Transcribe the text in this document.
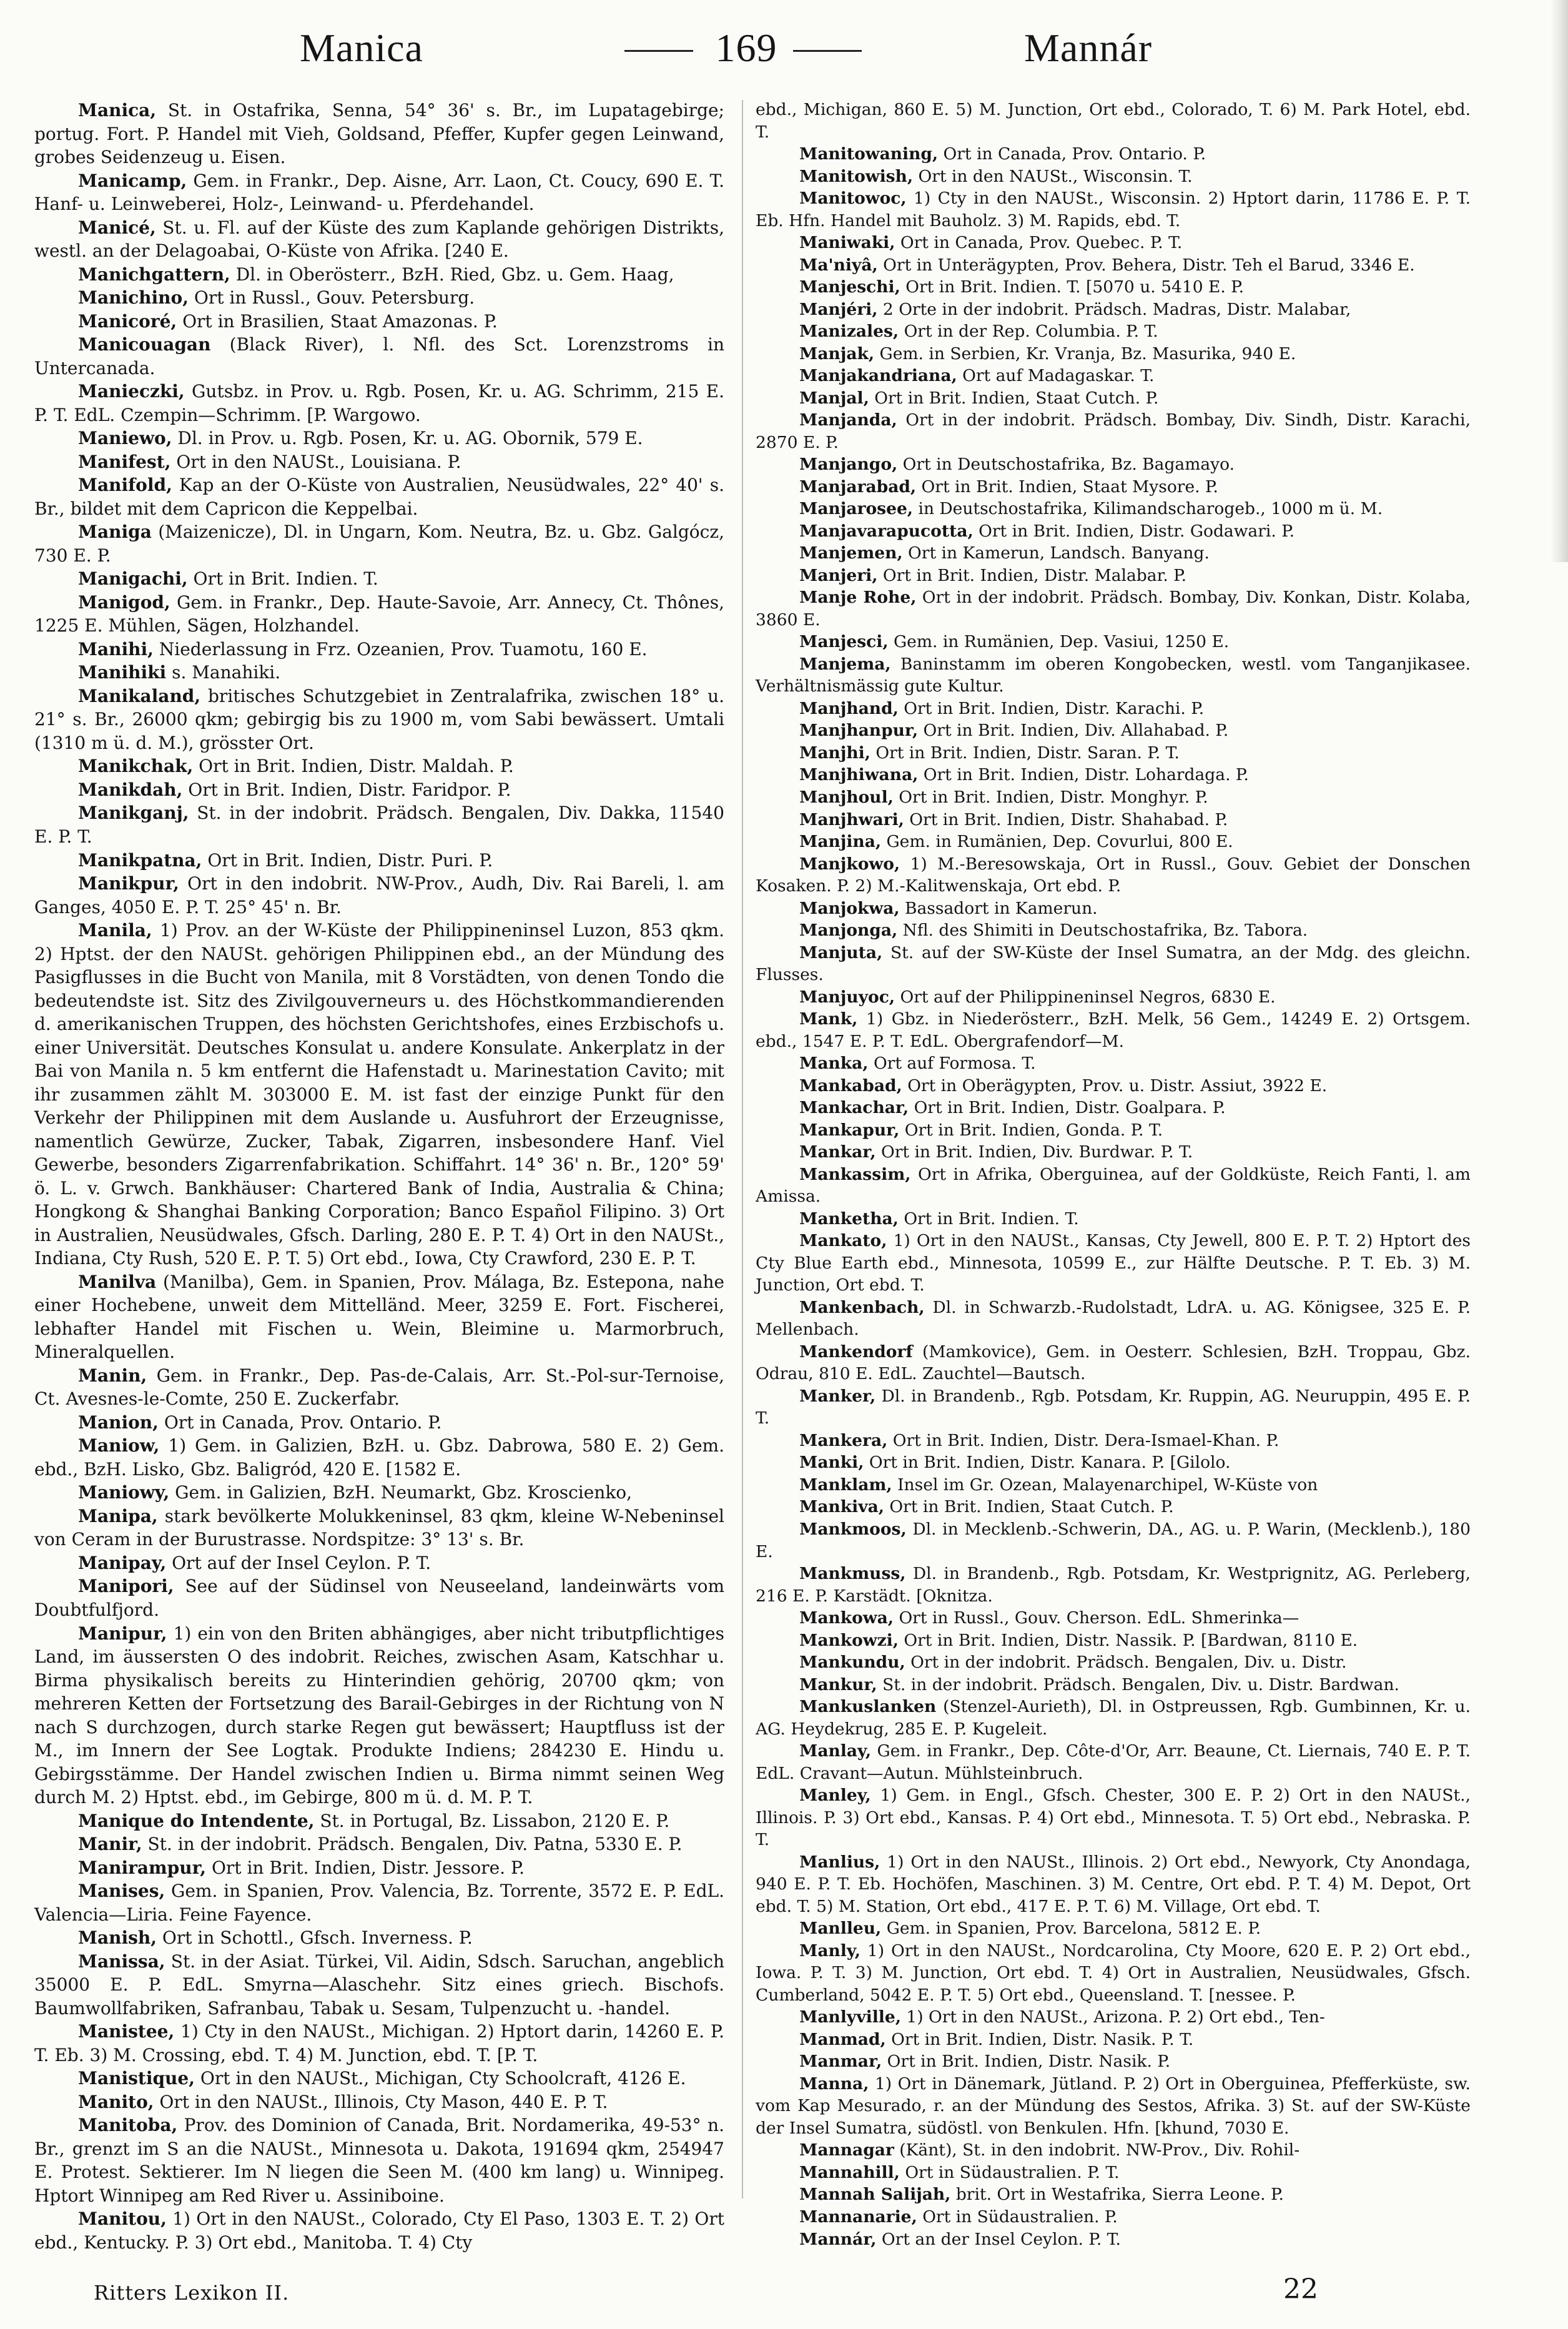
Manica	169	Mannár

Manica, St. in Ostafrika, Senna, 54° 36' s. Br., im Lupatagebirge; portug. Fort. P. Handel mit Vieh, Goldsand, Pfeffer, Kupfer gegen Leinwand, grobes Seidenzeug u. Eisen.

Manicamp, Gem. in Frankr., Dep. Aisne, Arr. Laon, Ct. Coucy, 690 E. T. Hanf- u. Leinweberei, Holz-, Leinwand- u. Pferdehandel.

Manicé, St. u. Fl. auf der Küste des zum Kaplande gehörigen Distrikts, westl. an der Delagoabai, O-Küste von Afrika. [240 E.

Manichgattern, Dl. in Oberösterr., BzH. Ried, Gbz. u. Gem. Haag,

Manichino, Ort in Russl., Gouv. Petersburg.

Manicoré, Ort in Brasilien, Staat Amazonas. P.

Manicouagan (Black River), l. Nfl. des Sct. Lorenzstroms in Untercanada.

Manieczki, Gutsbz. in Prov. u. Rgb. Posen, Kr. u. AG. Schrimm, 215 E. P. T. EdL. Czempin—Schrimm. [P. Wargowo.

Maniewo, Dl. in Prov. u. Rgb. Posen, Kr. u. AG. Obornik, 579 E.

Manifest, Ort in den NAUSt., Louisiana. P.

Manifold, Kap an der O-Küste von Australien, Neusüdwales, 22° 40' s. Br., bildet mit dem Capricon die Keppelbai.

Maniga (Maizenicze), Dl. in Ungarn, Kom. Neutra, Bz. u. Gbz. Galgócz, 730 E. P.

Manigachi, Ort in Brit. Indien. T.

Manigod, Gem. in Frankr., Dep. Haute-Savoie, Arr. Annecy, Ct. Thônes, 1225 E. Mühlen, Sägen, Holzhandel.

Manihi, Niederlassung in Frz. Ozeanien, Prov. Tuamotu, 160 E.

Manihiki s. Manahiki.

Manikaland, britisches Schutzgebiet in Zentralafrika, zwischen 18° u. 21° s. Br., 26000 qkm; gebirgig bis zu 1900 m, vom Sabi bewässert. Umtali (1310 m ü. d. M.), grösster Ort.

Manikchak, Ort in Brit. Indien, Distr. Maldah. P.

Manikdah, Ort in Brit. Indien, Distr. Faridpor. P.

Manikganj, St. in der indobrit. Prädsch. Bengalen, Div. Dakka, 11540 E. P. T.

Manikpatna, Ort in Brit. Indien, Distr. Puri. P.

Manikpur, Ort in den indobrit. NW-Prov., Audh, Div. Rai Bareli, l. am Ganges, 4050 E. P. T. 25° 45' n. Br.

Manila, 1) Prov. an der W-Küste der Philippineninsel Luzon, 853 qkm. 2) Hptst. der den NAUSt. gehörigen Philippinen ebd., an der Mündung des Pasigflusses in die Bucht von Manila, mit 8 Vorstädten, von denen Tondo die bedeutendste ist. Sitz des Zivilgouverneurs u. des Höchstkommandierenden d. amerikanischen Truppen, des höchsten Gerichtshofes, eines Erzbischofs u. einer Universität. Deutsches Konsulat u. andere Konsulate. Ankerplatz in der Bai von Manila n. 5 km entfernt die Hafenstadt u. Marinestation Cavito; mit ihr zusammen zählt M. 303000 E. M. ist fast der einzige Punkt für den Verkehr der Philippinen mit dem Auslande u. Ausfuhrort der Erzeugnisse, namentlich Gewürze, Zucker, Tabak, Zigarren, insbesondere Hanf. Viel Gewerbe, besonders Zigarrenfabrikation. Schiffahrt. 14° 36' n. Br., 120° 59' ö. L. v. Grwch. Bankhäuser: Chartered Bank of India, Australia & China; Hongkong & Shanghai Banking Corporation; Banco Español Filipino. 3) Ort in Australien, Neusüdwales, Gfsch. Darling, 280 E. P. T. 4) Ort in den NAUSt., Indiana, Cty Rush, 520 E. P. T. 5) Ort ebd., Iowa, Cty Crawford, 230 E. P. T.

Manilva (Manilba), Gem. in Spanien, Prov. Málaga, Bz. Estepona, nahe einer Hochebene, unweit dem Mittelländ. Meer, 3259 E. Fort. Fischerei, lebhafter Handel mit Fischen u. Wein, Bleimine u. Marmorbruch, Mineralquellen.

Manin, Gem. in Frankr., Dep. Pas-de-Calais, Arr. St.-Pol-sur-Ternoise, Ct. Avesnes-le-Comte, 250 E. Zuckerfabr.

Manion, Ort in Canada, Prov. Ontario. P.

Maniow, 1) Gem. in Galizien, BzH. u. Gbz. Dabrowa, 580 E. 2) Gem. ebd., BzH. Lisko, Gbz. Baligród, 420 E. [1582 E.

Maniowy, Gem. in Galizien, BzH. Neumarkt, Gbz. Kroscienko,

Manipa, stark bevölkerte Molukkeninsel, 83 qkm, kleine W-Nebeninsel von Ceram in der Burustrasse. Nordspitze: 3° 13' s. Br.

Manipay, Ort auf der Insel Ceylon. P. T.

Manipori, See auf der Südinsel von Neuseeland, landeinwärts vom Doubtfulfjord.

Manipur, 1) ein von den Briten abhängiges, aber nicht tributpflichtiges Land, im äussersten O des indobrit. Reiches, zwischen Asam, Katschhar u. Birma physikalisch bereits zu Hinterindien gehörig, 20700 qkm; von mehreren Ketten der Fortsetzung des Barail-Gebirges in der Richtung von N nach S durchzogen, durch starke Regen gut bewässert; Hauptfluss ist der M., im Innern der See Logtak. Produkte Indiens; 284230 E. Hindu u. Gebirgsstämme. Der Handel zwischen Indien u. Birma nimmt seinen Weg durch M. 2) Hptst. ebd., im Gebirge, 800 m ü. d. M. P. T.

Manique do Intendente, St. in Portugal, Bz. Lissabon, 2120 E. P.

Manir, St. in der indobrit. Prädsch. Bengalen, Div. Patna, 5330 E. P.

Manirampur, Ort in Brit. Indien, Distr. Jessore. P.

Manises, Gem. in Spanien, Prov. Valencia, Bz. Torrente, 3572 E. P. EdL. Valencia—Liria. Feine Fayence.

Manish, Ort in Schottl., Gfsch. Inverness. P.

Manissa, St. in der Asiat. Türkei, Vil. Aidin, Sdsch. Saruchan, angeblich 35000 E. P. EdL. Smyrna—Alaschehr. Sitz eines griech. Bischofs. Baumwollfabriken, Safranbau, Tabak u. Sesam, Tulpenzucht u. -handel.

Manistee, 1) Cty in den NAUSt., Michigan. 2) Hptort darin, 14260 E. P. T. Eb. 3) M. Crossing, ebd. T. 4) M. Junction, ebd. T. [P. T.

Manistique, Ort in den NAUSt., Michigan, Cty Schoolcraft, 4126 E.

Manito, Ort in den NAUSt., Illinois, Cty Mason, 440 E. P. T.

Manitoba, Prov. des Dominion of Canada, Brit. Nordamerika, 49-53° n. Br., grenzt im S an die NAUSt., Minnesota u. Dakota, 191694 qkm, 254947 E. Protest. Sektierer. Im N liegen die Seen M. (400 km lang) u. Winnipeg. Hptort Winnipeg am Red River u. Assiniboine.

Manitou, 1) Ort in den NAUSt., Colorado, Cty El Paso, 1303 E. T. 2) Ort ebd., Kentucky. P. 3) Ort ebd., Manitoba. T. 4) Cty

ebd., Michigan, 860 E. 5) M. Junction, Ort ebd., Colorado, T. 6) M. Park Hotel, ebd. T.

Manitowaning, Ort in Canada, Prov. Ontario. P.

Manitowish, Ort in den NAUSt., Wisconsin. T.

Manitowoc, 1) Cty in den NAUSt., Wisconsin. 2) Hptort darin, 11786 E. P. T. Eb. Hfn. Handel mit Bauholz. 3) M. Rapids, ebd. T.

Maniwaki, Ort in Canada, Prov. Quebec. P. T.

Ma'niyâ, Ort in Unterägypten, Prov. Behera, Distr. Teh el Barud, 3346 E.

Manjeschi, Ort in Brit. Indien. T. [5070 u. 5410 E. P.

Manjéri, 2 Orte in der indobrit. Prädsch. Madras, Distr. Malabar,

Manizales, Ort in der Rep. Columbia. P. T.

Manjak, Gem. in Serbien, Kr. Vranja, Bz. Masurika, 940 E.

Manjakandriana, Ort auf Madagaskar. T.

Manjal, Ort in Brit. Indien, Staat Cutch. P.

Manjanda, Ort in der indobrit. Prädsch. Bombay, Div. Sindh, Distr. Karachi, 2870 E. P.

Manjango, Ort in Deutschostafrika, Bz. Bagamayo.

Manjarabad, Ort in Brit. Indien, Staat Mysore. P.

Manjarosee, in Deutschostafrika, Kilimandscharogeb., 1000 m ü. M.

Manjavarapucotta, Ort in Brit. Indien, Distr. Godawari. P.

Manjemen, Ort in Kamerun, Landsch. Banyang.

Manjeri, Ort in Brit. Indien, Distr. Malabar. P.

Manje Rohe, Ort in der indobrit. Prädsch. Bombay, Div. Konkan, Distr. Kolaba, 3860 E.

Manjesci, Gem. in Rumänien, Dep. Vasiui, 1250 E.

Manjema, Baninstamm im oberen Kongobecken, westl. vom Tanganjikasee. Verhältnismässig gute Kultur.

Manjhand, Ort in Brit. Indien, Distr. Karachi. P.

Manjhanpur, Ort in Brit. Indien, Div. Allahabad. P.

Manjhi, Ort in Brit. Indien, Distr. Saran. P. T.

Manjhiwana, Ort in Brit. Indien, Distr. Lohardaga. P.

Manjhoul, Ort in Brit. Indien, Distr. Monghyr. P.

Manjhwari, Ort in Brit. Indien, Distr. Shahabad. P.

Manjina, Gem. in Rumänien, Dep. Covurlui, 800 E.

Manjkowo, 1) M.-Beresowskaja, Ort in Russl., Gouv. Gebiet der Donschen Kosaken. P. 2) M.-Kalitwenskaja, Ort ebd. P.

Manjokwa, Bassadort in Kamerun.

Manjonga, Nfl. des Shimiti in Deutschostafrika, Bz. Tabora.

Manjuta, St. auf der SW-Küste der Insel Sumatra, an der Mdg. des gleichn. Flusses.

Manjuyoc, Ort auf der Philippineninsel Negros, 6830 E.

Mank, 1) Gbz. in Niederösterr., BzH. Melk, 56 Gem., 14249 E. 2) Ortsgem. ebd., 1547 E. P. T. EdL. Obergrafendorf—M.

Manka, Ort auf Formosa. T.

Mankabad, Ort in Oberägypten, Prov. u. Distr. Assiut, 3922 E.

Mankachar, Ort in Brit. Indien, Distr. Goalpara. P.

Mankapur, Ort in Brit. Indien, Gonda. P. T.

Mankar, Ort in Brit. Indien, Div. Burdwar. P. T.

Mankassim, Ort in Afrika, Oberguinea, auf der Goldküste, Reich Fanti, l. am Amissa.

Manketha, Ort in Brit. Indien. T.

Mankato, 1) Ort in den NAUSt., Kansas, Cty Jewell, 800 E. P. T. 2) Hptort des Cty Blue Earth ebd., Minnesota, 10599 E., zur Hälfte Deutsche. P. T. Eb. 3) M. Junction, Ort ebd. T.

Mankenbach, Dl. in Schwarzb.-Rudolstadt, LdrA. u. AG. Königsee, 325 E. P. Mellenbach.

Mankendorf (Mamkovice), Gem. in Oesterr. Schlesien, BzH. Troppau, Gbz. Odrau, 810 E. EdL. Zauchtel—Bautsch.

Manker, Dl. in Brandenb., Rgb. Potsdam, Kr. Ruppin, AG. Neuruppin, 495 E. P. T.

Mankera, Ort in Brit. Indien, Distr. Dera-Ismael-Khan. P.

Manki, Ort in Brit. Indien, Distr. Kanara. P. [Gilolo.

Manklam, Insel im Gr. Ozean, Malayenarchipel, W-Küste von

Mankiva, Ort in Brit. Indien, Staat Cutch. P.

Mankmoos, Dl. in Mecklenb.-Schwerin, DA., AG. u. P. Warin, (Mecklenb.), 180 E.

Mankmuss, Dl. in Brandenb., Rgb. Potsdam, Kr. Westprignitz, AG. Perleberg, 216 E. P. Karstädt. [Oknitza.

Mankowa, Ort in Russl., Gouv. Cherson. EdL. Shmerinka—

Mankowzi, Ort in Brit. Indien, Distr. Nassik. P. [Bardwan, 8110 E.

Mankundu, Ort in der indobrit. Prädsch. Bengalen, Div. u. Distr.

Mankur, St. in der indobrit. Prädsch. Bengalen, Div. u. Distr. Bardwan.

Mankuslanken (Stenzel-Aurieth), Dl. in Ostpreussen, Rgb. Gumbinnen, Kr. u. AG. Heydekrug, 285 E. P. Kugeleit.

Manlay, Gem. in Frankr., Dep. Côte-d'Or, Arr. Beaune, Ct. Liernais, 740 E. P. T. EdL. Cravant—Autun. Mühlsteinbruch.

Manley, 1) Gem. in Engl., Gfsch. Chester, 300 E. P. 2) Ort in den NAUSt., Illinois. P. 3) Ort ebd., Kansas. P. 4) Ort ebd., Minnesota. T. 5) Ort ebd., Nebraska. P. T.

Manlius, 1) Ort in den NAUSt., Illinois. 2) Ort ebd., Newyork, Cty Anondaga, 940 E. P. T. Eb. Hochöfen, Maschinen. 3) M. Centre, Ort ebd. P. T. 4) M. Depot, Ort ebd. T. 5) M. Station, Ort ebd., 417 E. P. T. 6) M. Village, Ort ebd. T.

Manlleu, Gem. in Spanien, Prov. Barcelona, 5812 E. P.

Manly, 1) Ort in den NAUSt., Nordcarolina, Cty Moore, 620 E. P. 2) Ort ebd., Iowa. P. T. 3) M. Junction, Ort ebd. T. 4) Ort in Australien, Neusüdwales, Gfsch. Cumberland, 5042 E. P. T. 5) Ort ebd., Queensland. T. [nessee. P.

Manlyville, 1) Ort in den NAUSt., Arizona. P. 2) Ort ebd., Ten-

Manmad, Ort in Brit. Indien, Distr. Nasik. P. T.

Manmar, Ort in Brit. Indien, Distr. Nasik. P.

Manna, 1) Ort in Dänemark, Jütland. P. 2) Ort in Oberguinea, Pfefferküste, sw. vom Kap Mesurado, r. an der Mündung des Sestos, Afrika. 3) St. auf der SW-Küste der Insel Sumatra, südöstl. von Benkulen. Hfn. [khund, 7030 E.

Mannagar (Känt), St. in den indobrit. NW-Prov., Div. Rohil-

Mannahill, Ort in Südaustralien. P. T.

Mannah Salijah, brit. Ort in Westafrika, Sierra Leone. P.

Mannanarie, Ort in Südaustralien. P.

Mannár, Ort an der Insel Ceylon. P. T.

Ritters Lexikon II.	22
